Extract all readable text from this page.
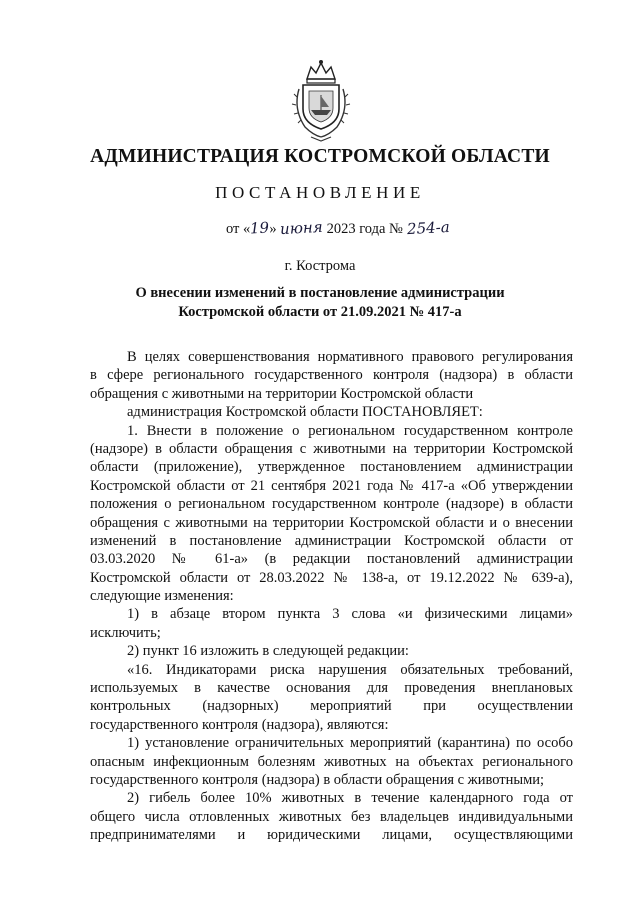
АДМИНИСТРАЦИЯ КОСТРОМСКОЙ ОБЛАСТИ
ПОСТАНОВЛЕНИЕ
от «19» июня 2023 года № 254-а
г. Кострома
О внесении изменений в постановление администрации
Костромской области от 21.09.2021 № 417-а
В целях совершенствования нормативного правового регулирования
в сфере регионального государственного контроля (надзора) в области
обращения с животными на территории Костромской области
администрация Костромской области ПОСТАНОВЛЯЕТ:
1. Внести в положение о региональном государственном контроле
(надзоре) в области обращения с животными на территории Костромской
области (приложение), утвержденное постановлением администрации
Костромской области от 21 сентября 2021 года № 417-а «Об утверждении
положения о региональном государственном контроле (надзоре) в области
обращения с животными на территории Костромской области и о внесении
изменений в постановление администрации Костромской области от
03.03.2020 № 61-а» (в редакции постановлений администрации
Костромской области от 28.03.2022 № 138-а, от 19.12.2022 № 639-а),
следующие изменения:
1) в абзаце втором пункта 3 слова «и физическими лицами»
исключить;
2) пункт 16 изложить в следующей редакции:
«16. Индикаторами риска нарушения обязательных требований,
используемых в качестве основания для проведения внеплановых
контрольных (надзорных) мероприятий при осуществлении
государственного контроля (надзора), являются:
1) установление ограничительных мероприятий (карантина) по особо
опасным инфекционным болезням животных на объектах регионального
государственного контроля (надзора) в области обращения с животными;
2) гибель более 10% животных в течение календарного года от
общего числа отловленных животных без владельцев индивидуальными
предпринимателями и юридическими лицами, осуществляющими
